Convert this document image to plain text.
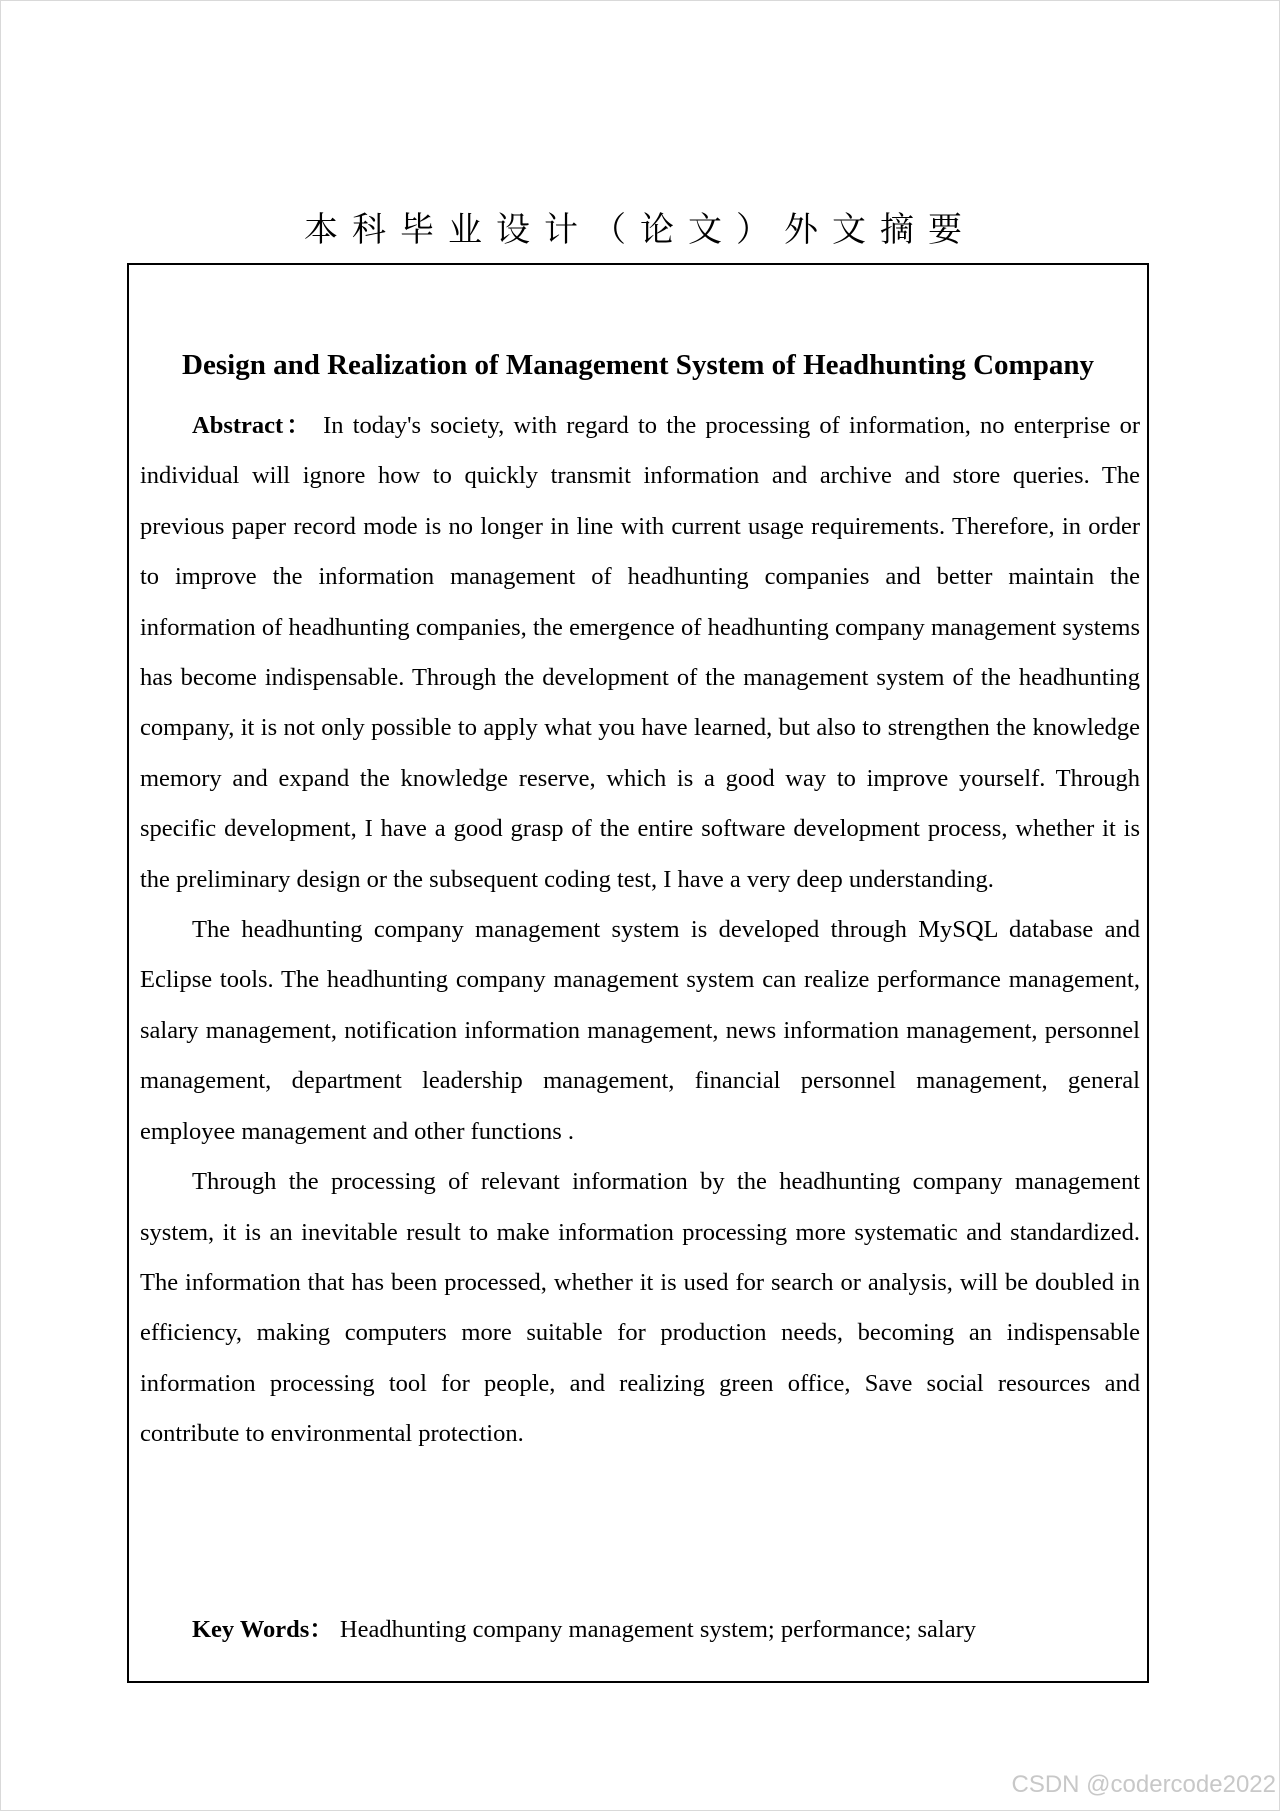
本科毕业设计（论文）外文摘要
Design and Realization of Management System of Headhunting Company

Abstract： In today's society, with regard to the processing of information, no enterprise or individual will ignore how to quickly transmit information and archive and store queries. The previous paper record mode is no longer in line with current usage requirements. Therefore, in order to improve the information management of headhunting companies and better maintain the information of headhunting companies, the emergence of headhunting company management systems has become indispensable. Through the development of the management system of the headhunting company, it is not only possible to apply what you have learned, but also to strengthen the knowledge memory and expand the knowledge reserve, which is a good way to improve yourself. Through specific development, I have a good grasp of the entire software development process, whether it is the preliminary design or the subsequent coding test, I have a very deep understanding.

The headhunting company management system is developed through MySQL database and Eclipse tools. The headhunting company management system can realize performance management, salary management, notification information management, news information management, personnel management, department leadership management, financial personnel management, general employee management and other functions .

Through the processing of relevant information by the headhunting company management system, it is an inevitable result to make information processing more systematic and standardized. The information that has been processed, whether it is used for search or analysis, will be doubled in efficiency, making computers more suitable for production needs, becoming an indispensable information processing tool for people, and realizing green office, Save social resources and contribute to environmental protection.

Key Words： Headhunting company management system; performance; salary
CSDN @codercode2022
